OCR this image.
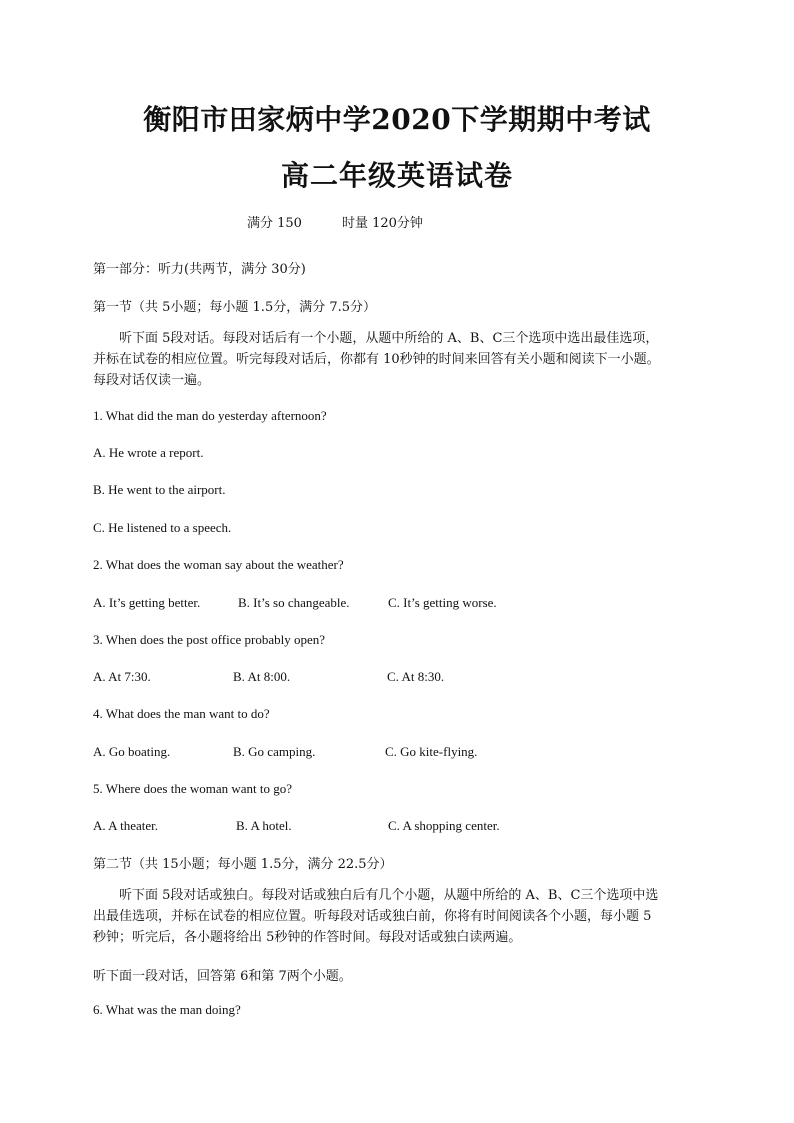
衡阳市田家炳中学2020下学期期中考试
高二年级英语试卷
满分 150	时量 120分钟
第一部分：听力(共两节，满分 30分)
第一节（共 5小题；每小题 1.5分，满分 7.5分）
听下面 5段对话。每段对话后有一个小题，从题中所给的 A、B、C三个选项中选出最佳选项，
并标在试卷的相应位置。听完每段对话后，你都有 10秒钟的时间来回答有关小题和阅读下一小题。
每段对话仅读一遍。
1. What did the man do yesterday afternoon?
A. He wrote a report.
B. He went to the airport.
C. He listened to a speech.
2. What does the woman say about the weather?
A. It’s getting better.	B. It’s so changeable.	C. It’s getting worse.
3. When does the post office probably open?
A. At 7:30.	B. At 8:00.	C. At 8:30.
4. What does the man want to do?
A. Go boating.	B. Go camping.	C. Go kite-flying.
5. Where does the woman want to go?
A. A theater.	B. A hotel.	C. A shopping center.
第二节（共 15小题；每小题 1.5分，满分 22.5分）
听下面 5段对话或独白。每段对话或独白后有几个小题，从题中所给的 A、B、C三个选项中选
出最佳选项，并标在试卷的相应位置。听每段对话或独白前，你将有时间阅读各个小题，每小题 5
秒钟；听完后，各小题将给出 5秒钟的作答时间。每段对话或独白读两遍。
听下面一段对话，回答第 6和第 7两个小题。
6. What was the man doing?
